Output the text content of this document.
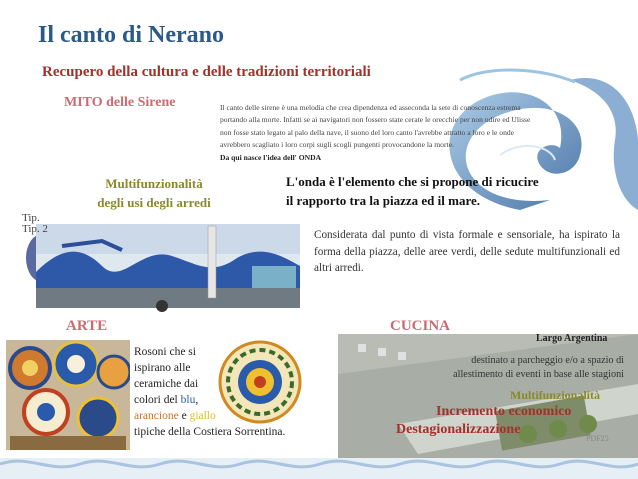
Il canto di Nerano
Recupero della cultura e delle tradizioni territoriali
MITO delle Sirene	Il canto delle sirene è una melodia che crea dipendenza ed asseconda la sete di conoscenza estrema
portando alla morte. Infatti se ai navigatori non fossero state cerate le orecchie per non udire ed Ulisse
non fosse stato legato al palo della nave, il suono del loro canto l'avrebbe attratto a loro e le onde
avrebbero scagliato i loro corpi sugli scogli pungenti provocandone la morte.
Da qui nasce l'idea dell' ONDA
Multifunzionalità
degli usi degli arredi
L'onda è l'elemento che si propone di ricucire
il rapporto tra la piazza ed il mare.
Considerata dal punto di vista formale e sensoriale, ha ispirato la forma della piazza, delle aree verdi, delle sedute multifunzionali ed altri arredi.
Tip.
Tip. 2
ARTE
Rosoni che si
ispirano alle
ceramiche dai
colori del blu,
arancione e giallo
tipiche della Costiera Sorrentina.
CUCINA
Largo Argentina
destinato a parcheggio e/o a spazio di
allestimento di eventi in base alle stagioni
Multifunzionalità
Incremento economico
Destagionalizzazione
PDF25
